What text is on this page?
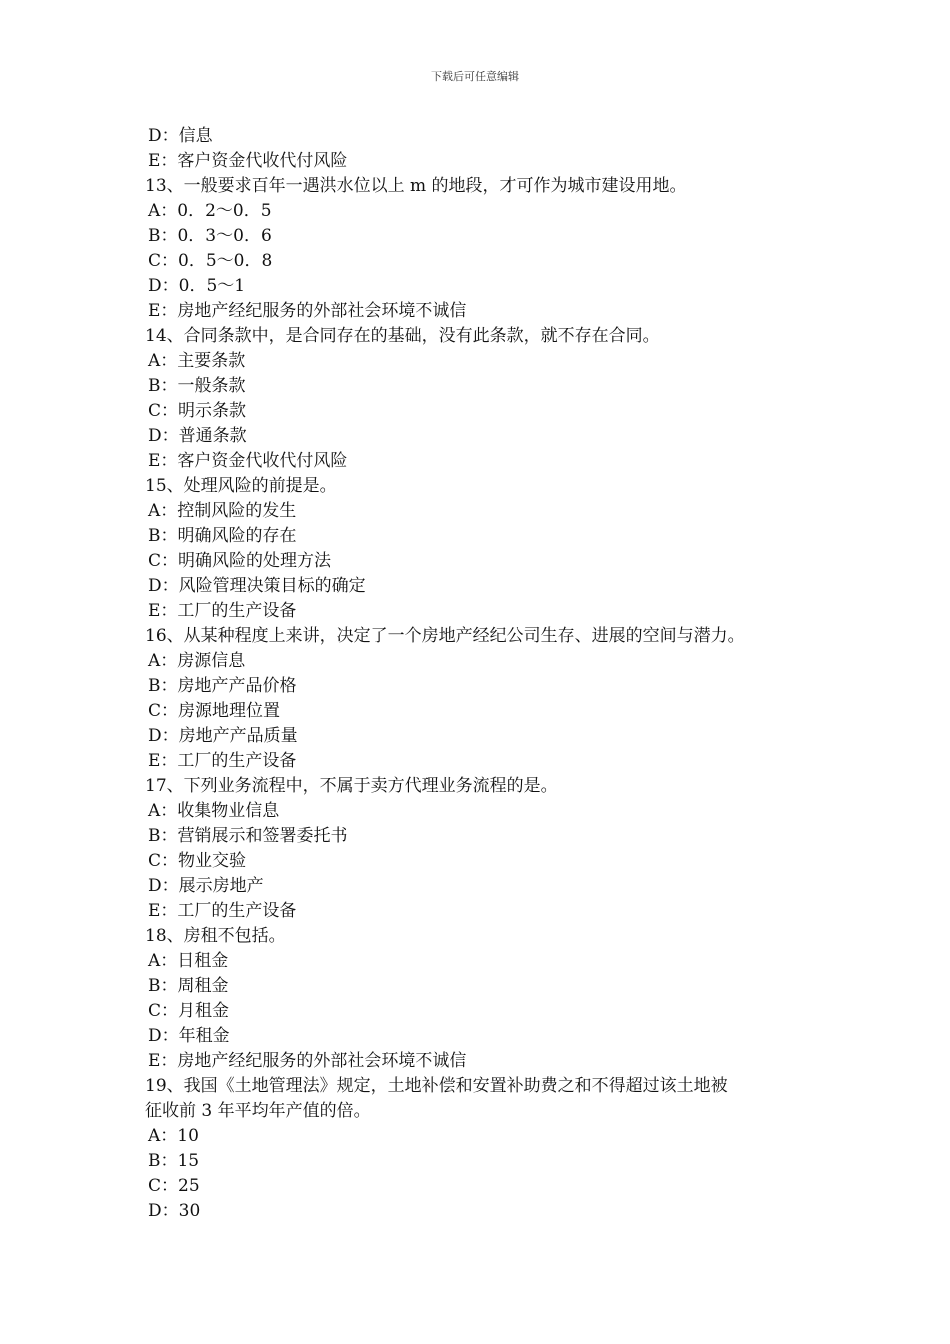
下载后可任意编辑
D：信息
E：客户资金代收代付风险
13、一般要求百年一遇洪水位以上 m 的地段，才可作为城市建设用地。
A：0．2～0．5
B：0．3～0．6
C：0．5～0．8
D：0．5～1
E：房地产经纪服务的外部社会环境不诚信
14、合同条款中，是合同存在的基础，没有此条款，就不存在合同。
A：主要条款
B：一般条款
C：明示条款
D：普通条款
E：客户资金代收代付风险
15、处理风险的前提是。
A：控制风险的发生
B：明确风险的存在
C：明确风险的处理方法
D：风险管理决策目标的确定
E：工厂的生产设备
16、从某种程度上来讲，决定了一个房地产经纪公司生存、进展的空间与潜力。
A：房源信息
B：房地产产品价格
C：房源地理位置
D：房地产产品质量
E：工厂的生产设备
17、下列业务流程中，不属于卖方代理业务流程的是。
A：收集物业信息
B：营销展示和签署委托书
C：物业交验
D：展示房地产
E：工厂的生产设备
18、房租不包括。
A：日租金
B：周租金
C：月租金
D：年租金
E：房地产经纪服务的外部社会环境不诚信
19、我国《土地管理法》规定，土地补偿和安置补助费之和不得超过该土地被
征收前 3 年平均年产值的倍。
A：10
B：15
C：25
D：30
